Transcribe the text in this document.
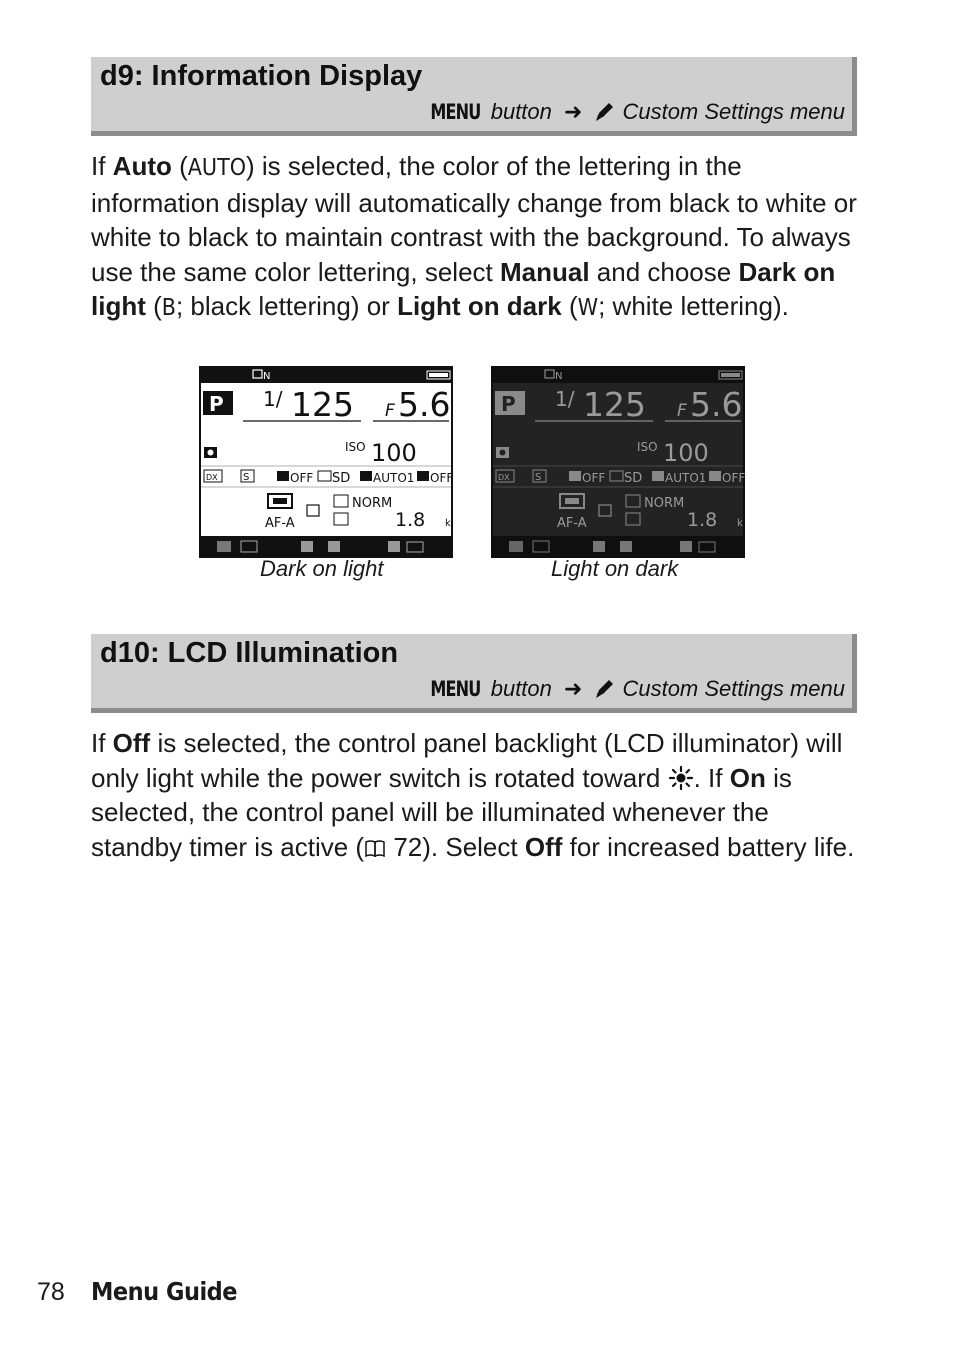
d9: Information Display
MENU button ➜ Custom Settings menu
If Auto (AUTO) is selected, the color of the lettering in the information display will automatically change from black to white or white to black to maintain contrast with the background. To always use the same color lettering, select Manual and choose Dark on light (B; black lettering) or Light on dark (W; white lettering).
N
P 1/ 125 F 5.6
ISO 100
DX	S	OFF SD AUTO1 OFF
AF-A
NORM
1.8 k
Dark on light
N
P 1/ 125 F 5.6
ISO 100
DX	S	OFF SD AUTO1 OFF
AF-A
NORM
1.8 k
Light on dark
d10: LCD Illumination
MENU button ➜ Custom Settings menu
If Off is selected, the control panel backlight (LCD illuminator) will only light while the power switch is rotated toward . If On is selected, the control panel will be illuminated whenever the standby timer is active ( 72). Select Off for increased battery life.
78 Menu Guide
